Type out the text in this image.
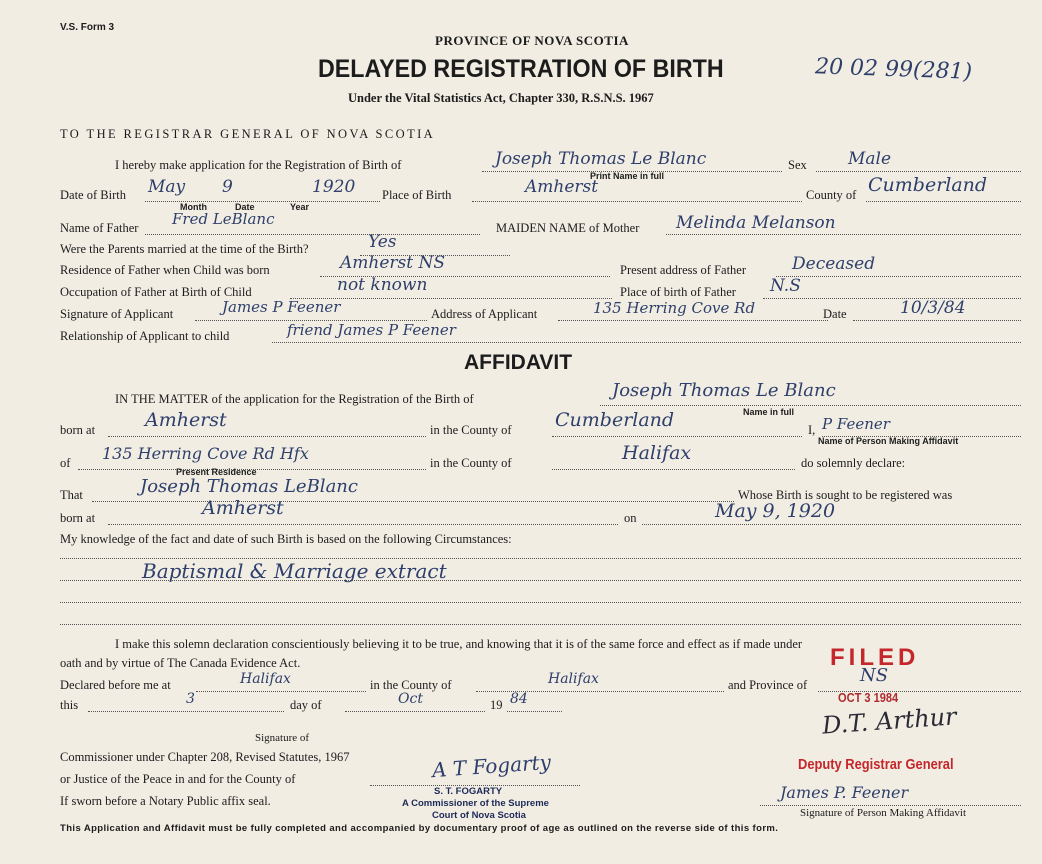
V.S. Form 3
PROVINCE OF NOVA SCOTIA
DELAYED REGISTRATION OF BIRTH	20 02 99(281)
Under the Vital Statistics Act, Chapter 330, R.S.N.S. 1967
TO THE REGISTRAR GENERAL OF NOVA SCOTIA
I hereby make application for the Registration of Birth of	Joseph Thomas Le Blanc	Sex Male
Print Name in full
Date of Birth May 9	1920
Month	Date	Year
Place of Birth	Amherst	County of Cumberland
Name of Father Fred LeBlanc	MAIDEN NAME of Mother Melinda Melanson
Were the Parents married at the time of the Birth?	Yes
Residence of Father when Child was born	Amherst NS	Present address of Father	Deceased
Occupation of Father at Birth of Child	not known	Place of birth of Father N.S
Signature of Applicant	James P Feener	Address of Applicant	135 Herring Cove Rd	Date	10/3/84
Relationship of Applicant to child	friend James P Feener
AFFIDAVIT
IN THE MATTER of the application for the Registration of the Birth of	Joseph Thomas Le Blanc
Name in full
born at	Amherst	in the County of Cumberland	I, P Feener
Name of Person Making Affidavit
of 135 Herring Cove Rd Hfx
Present Residence
in the County of	Halifax	do solemnly declare:
That	Joseph Thomas LeBlanc	Whose Birth is sought to be registered was
born at	Amherst	on	May 9, 1920
My knowledge of the fact and date of such Birth is based on the following Circumstances:
Baptismal & Marriage extract
I make this solemn declaration conscientiously believing it to be true, and knowing that it is of the same force and effect as if made under
oath and by virtue of The Canada Evidence Act.
Declared before me at	Halifax	in the County of	Halifax	and Province of	NS
this	3	day of	Oct	19 84
Signature of
Commissioner under Chapter 208, Revised Statutes, 1967
or Justice of the Peace in and for the County of	A T Fogarty
If sworn before a Notary Public affix seal.
S. T. FOGARTY
A Commissioner of the Supreme
Court of Nova Scotia
James P. Feener
Signature of Person Making Affidavit
FILED
OCT 3 1984
D.T. Arthur
Deputy Registrar General
This Application and Affidavit must be fully completed and accompanied by documentary proof of age as outlined on the reverse side of this form.
